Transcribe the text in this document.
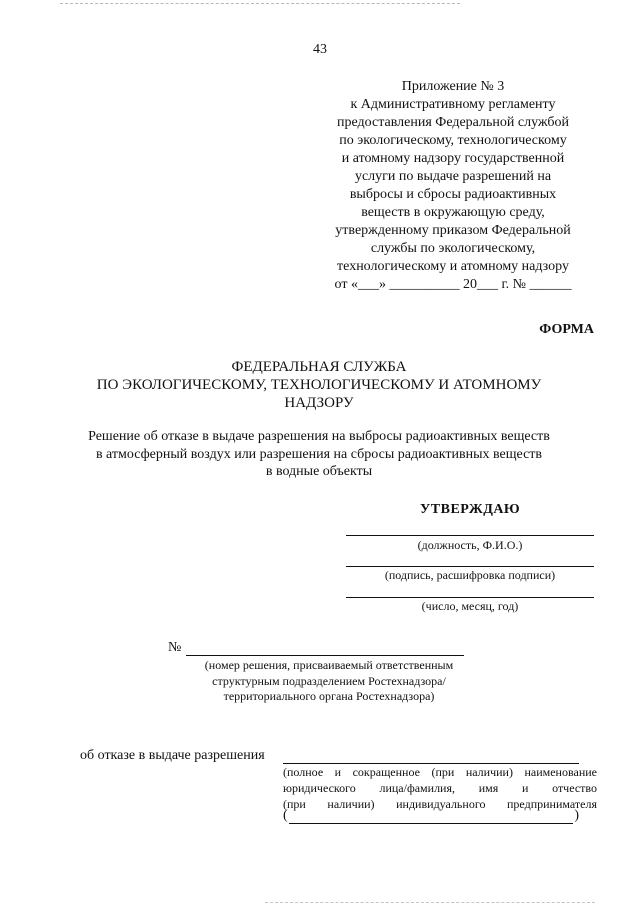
43
Приложение № 3
к Административному регламенту
предоставления Федеральной службой
по экологическому, технологическому
и атомному надзору государственной
услуги по выдаче разрешений на
выбросы и сбросы радиоактивных
веществ в окружающую среду,
утвержденному приказом Федеральной
службы по экологическому,
технологическому и атомному надзору
от «___» __________ 20___ г. № ______
ФОРМА
ФЕДЕРАЛЬНАЯ СЛУЖБА
ПО ЭКОЛОГИЧЕСКОМУ, ТЕХНОЛОГИЧЕСКОМУ И АТОМНОМУ
НАДЗОРУ
Решение об отказе в выдаче разрешения на выбросы радиоактивных веществ
в атмосферный воздух или разрешения на сбросы радиоактивных веществ
в водные объекты
УТВЕРЖДАЮ
(должность, Ф.И.О.)
(подпись, расшифровка подписи)
(число, месяц, год)
№
(номер решения, присваиваемый ответственным
структурным подразделением Ростехнадзора/
территориального органа Ростехнадзора)
об отказе в выдаче разрешения
(полное и сокращенное (при наличии) наименование
юридического лица/фамилия, имя и отчество
(при наличии) индивидуального предпринимателя
(	)
